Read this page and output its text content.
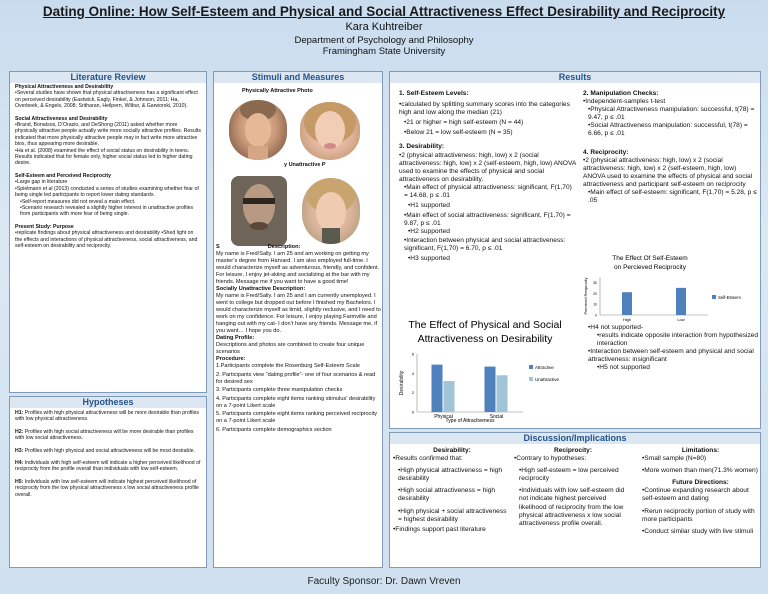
Dating Online: How Self-Esteem and Physical and Social Attractiveness Effect Desirability and Reciprocity
Kara Kuhtreiber
Department of Psychology and Philosophy
Framingham State University
Literature Review
Physical Attractiveness and Desirability
•Several studies have shown that physical attractiveness has a significant effect on perceived desirability (Eastwick, Eagly, Finkel, & Johnson, 2011; Ha, Overbeek, & Engels, 2008; Sritharan, Heilpern, Wilbur, & Garworski, 2010).
Social Attractiveness and Desirability
•Brand, Bonatsos, D’Orazio, and DeShong (2011) asked whether more physically attractive people actually write more socially attractive profiles. Results indicated that more physically attractive people may in fact write more attractive bios, thus appearing more desirable.
•Ha et al. (2008) examined the effect of social status on desirability in teens. Results indicated that for female only, higher social status led to higher dating desire.
Self-Esteem and Perceived Reciprocity
•Large gap in literature
•Spielmann et al (2013) conducted a series of studies examining whether fear of being single led participants to report lower dating standards.
•Self-report measures did not reveal a main effect.
•Scenario research revealed a slightly higher interest in unattractive profiles from participants with more fear of being single.
Present Study: Purpose
•replicate findings about physical attractiveness and desirability •Shed light on the effects and interactions of physical attractiveness, social attractiveness, and self-esteem on desirability and reciprocity.
Hypotheses
H1: Profiles with high physical attractiveness will be more desirable than profiles with low physical attractiveness.
H2: Profiles with high social attractiveness will be more desirable than profiles with low social attractiveness.
H3: Profiles with high physical and social attractiveness will be most desirable.
H4: Individuals with high self-esteem will indicate a higher perceived likelihood of reciprocity from the profile overall than individuals with low self-esteem.
H5: Individuals with low self-esteem will indicate highest perceived likelihood of reciprocity from the low physical attractiveness x low social attractiveness profile overall.
Stimuli and Measures
Physically Attractive Photo
y Unattractive P
S	Description:
My name is Fred/Sally. I am 25 and am working on getting my master’s degree from Harvard. I am also employed full-time. I would characterize myself as adventurous, friendly, and confident. For leisure, I enjoy jet-skiing and socializing at the bar with my friends. Message me if you want to have a good time!
Socially Unattractive Description:
My name is Fred/Sally. I am 25 and I am currently unemployed. I went to college but dropped out before I finished my Bachelors. I would characterize myself as timid, slightly reclusive, and I need to work on my confidence. For leisure, I enjoy playing Farmville and hanging out with my cat- I don’t have any friends. Message me, if you want… I hope you do.
Dating Profile:
Descriptions and photos are combined to create four unique scenarios
Procedure:
1.Participants complete the Rosenburg Self-Esteem Scale
2. Participants view “dating profile”- one of four scenarios & read for desired sex
3. Participants complete three manipulation checks
4. Participants complete eight items ranking stimulus’ desirability on a 7-point Likert scale
5. Participants complete eight items ranking perceived reciprocity on a 7-point Likert scale
6. Participants complete demographics section
Results
1. Self-Esteem Levels:
•calculated by splitting summary scores into the categories high and low along the median (21)
•21 or higher = high self-esteem (N = 44)
•Below 21 = low self-esteem (N = 35)
3. Desirability:
•2 (physical attractiveness: high, low) x 2 (social attractiveness: high, low) x 2 (self-esteem, high, low) ANOVA used to examine the effects of physical and social attractiveness on desirability.
•Main effect of physical attractiveness: significant, F(1,70) = 14.68, p ≤ .01
•H1 supported
•Main effect of social attractiveness: significant, F(1,70) = 9.87, p ≤ .01
•H2 supported
•Interaction between physical and social attractiveness: significant, F(1,70) = 6.70, p ≤ .01
•H3 supported
2. Manipulation Checks:
•Independent-samples t-test
•Physical Attractiveness manipulation: successful, t(78) = 9.47, p ≤ .01
•Social Attractiveness manipulation: successful, t(78) = 6.66, p ≤ .01
4. Reciprocity:
•2 (physical attractiveness: high, low) x 2 (social attractiveness: high, low) x 2 (self-esteem, high, low) ANOVA used to examine the effects of physical and social attractiveness and participant self-esteem on reciprocity
•Main effect of self-esteem: significant, F(1,70) = 5.28, p ≤ .05
The Effect of Physical and Social
Attractiveness on Desirability
0
2
4
6
Desirability
Physical	Social
Type of Attractiveness
Attractive
Unattractive
The Effect Of Self-Esteem
on Percieved Reciprocity
0
10
20
30
Perceived Reciprocity
High	Low
Self-Esteem
•H4 not supported-
•results indicate opposite interaction from hypothesized interaction
•Interaction between self-esteem and physical and social attractiveness: insignificant
•H5 not supported
Discussion/Implications
Desirability:
•Results confirmed that:
•High physical attractiveness = high desirability
•High social attractiveness = high desirability
•High physical + social attractiveness = highest desirability
•Findings support past literature
Reciprocity:
•Contrary to hypotheses:
•High self-esteem = low perceived reciprocity
•Individuals with low self-esteem did not indicate highest perceived likelihood of reciprocity from the low physical attractiveness x low social attractiveness profile overall.
Limitations:
•Small sample (N=80)
•More women than men(71.3% women)
Future Directions:
•Continue expanding research about self-esteem and dating
•Rerun reciprocity portion of study with more participants
•Conduct similar study with live stimuli
Faculty Sponsor: Dr. Dawn Vreven
